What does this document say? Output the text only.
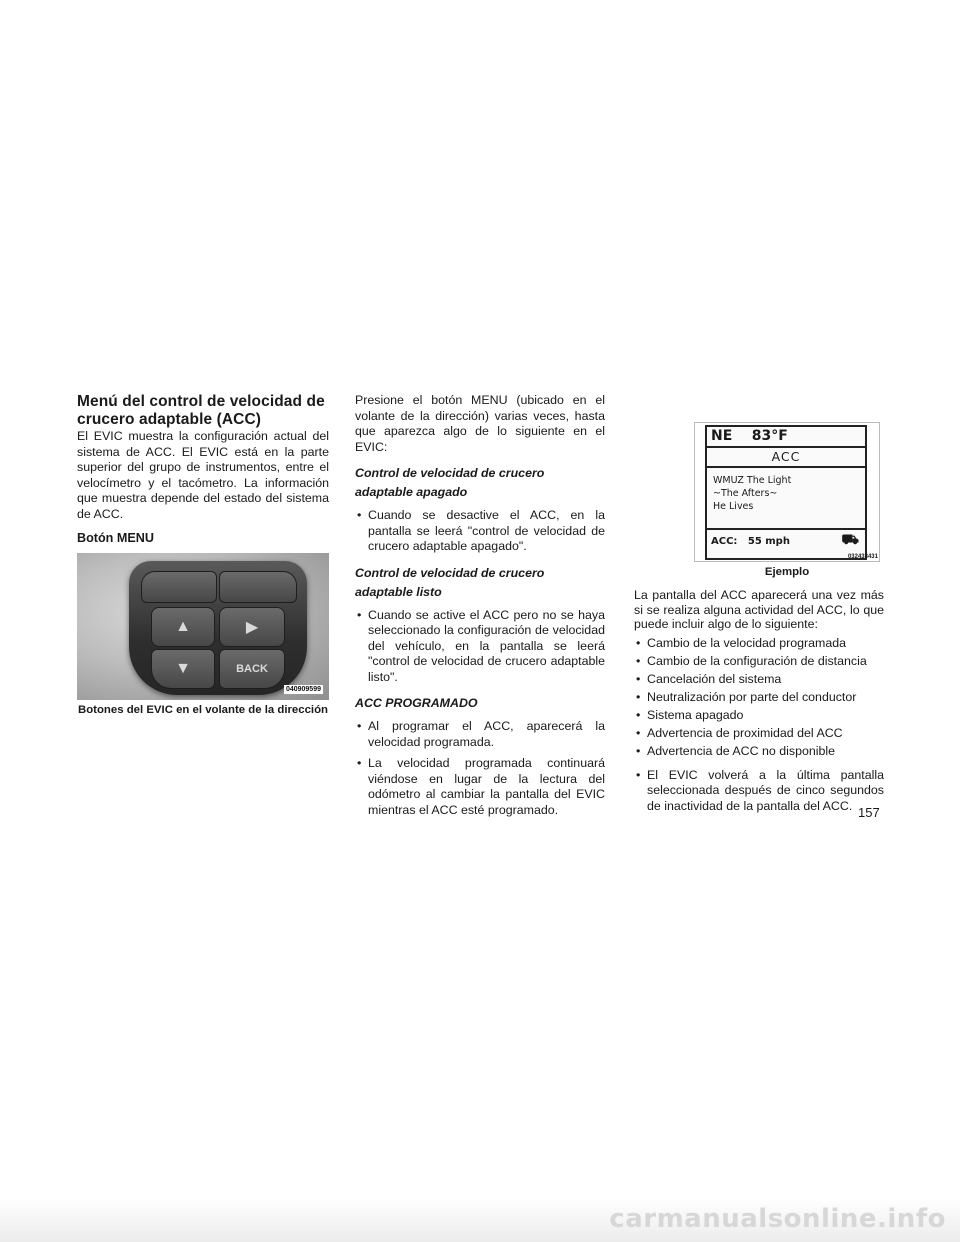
Menú del control de velocidad de crucero adaptable (ACC)

El EVIC muestra la configuración actual del sistema de ACC. El EVIC está en la parte superior del grupo de instrumentos, entre el velocímetro y el tacómetro. La información que muestra depende del estado del sistema de ACC.

Botón MENU
▲	▶
▼	BACK
040909599
Botones del EVIC en el volante de la dirección

Presione el botón MENU (ubicado en el volante de la dirección) varias veces, hasta que aparezca algo de lo siguiente en el EVIC:

Control de velocidad de crucero adaptable apagado
• Cuando se desactive el ACC, en la pantalla se leerá "control de velocidad de crucero adaptable apagado".
Control de velocidad de crucero adaptable listo
• Cuando se active el ACC pero no se haya seleccionado la configuración de velocidad del vehículo, en la pantalla se leerá "control de velocidad de crucero adaptable listo".
ACC PROGRAMADO
• Al programar el ACC, aparecerá la velocidad programada.
• La velocidad programada continuará viéndose en lugar de la lectura del odómetro al cambiar la pantalla del EVIC mientras el ACC esté programado.
NE    83°F
ACC
WMUZ The Light
~The Afters~
He Lives
ACC:   55 mph	⛟
032433431
Ejemplo

La pantalla del ACC aparecerá una vez más si se realiza alguna actividad del ACC, lo que puede incluir algo de lo siguiente:

• Cambio de la velocidad programada
• Cambio de la configuración de distancia
• Cancelación del sistema
• Neutralización por parte del conductor
• Sistema apagado
• Advertencia de proximidad del ACC
• Advertencia de ACC no disponible
• El EVIC volverá a la última pantalla seleccionada después de cinco segundos de inactividad de la pantalla del ACC. 157
carmanualsonline.info
